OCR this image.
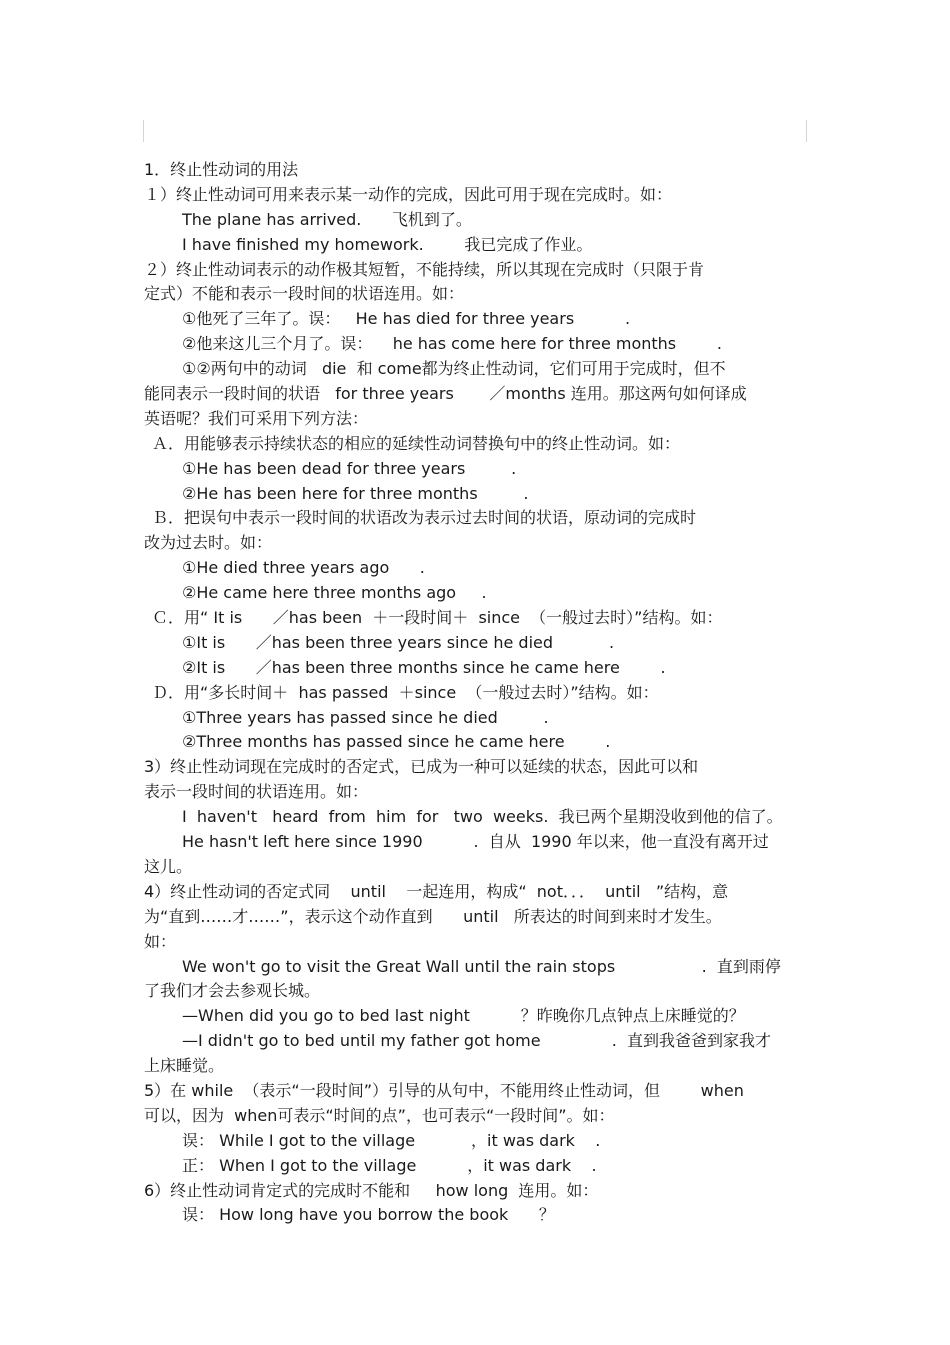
1．终止性动词的用法
１）终止性动词可用来表示某一动作的完成，因此可用于现在完成时。如：
The plane has arrived.      飞机到了。
I have finished my homework.        我已完成了作业。
２）终止性动词表示的动作极其短暂，不能持续，所以其现在完成时（只限于肯
定式）不能和表示一段时间的状语连用。如：
①他死了三年了。误：   He has died for three years          .
②他来这儿三个月了。误：    he has come here for three months        .
①②两句中的动词   die  和 come都为终止性动词，它们可用于完成时，但不
能同表示一段时间的状语   for three years       ／months 连用。那这两句如何译成
英语呢？我们可采用下列方法：
Ａ．用能够表示持续状态的相应的延续性动词替换句中的终止性动词。如：
①He has been dead for three years         .
②He has been here for three months         .
Ｂ．把误句中表示一段时间的状语改为表示过去时间的状语，原动词的完成时
改为过去时。如：
①He died three years ago      .
②He came here three months ago     .
Ｃ．用“ It is      ／has been  ＋一段时间＋  since  （一般过去时）”结构。如：
①It is      ／has been three years since he died           .
②It is      ／has been three months since he came here        .
Ｄ．用“多长时间＋  has passed  ＋since  （一般过去时）”结构。如：
①Three years has passed since he died         .
②Three months has passed since he came here        .
3）终止性动词现在完成时的否定式，已成为一种可以延续的状态，因此可以和
表示一段时间的状语连用。如：
I  haven't   heard  from  him  for   two  weeks.  我已两个星期没收到他的信了。
He hasn't left here since 1990          .  自从  1990 年以来，他一直没有离开过
这儿。
4）终止性动词的否定式同    until    一起连用，构成“  not．．．  until   ”结构，意
为“直到……才……”，表示这个动作直到      until   所表达的时间到来时才发生。
如：
We won't go to visit the Great Wall until the rain stops                 .  直到雨停
了我们才会去参观长城。
—When did you go to bed last night          ？昨晚你几点钟点上床睡觉的？
—I didn't go to bed until my father got home              .  直到我爸爸到家我才
上床睡觉。
5）在 while  （表示“一段时间”）引导的从句中，不能用终止性动词，但        when
可以，因为  when可表示“时间的点”，也可表示“一段时间”。如：
误： While I got to the village           ，it was dark    .
正： When I got to the village          ，it was dark    .
6）终止性动词肯定式的完成时不能和     how long  连用。如：
误： How long have you borrow the book      ？
